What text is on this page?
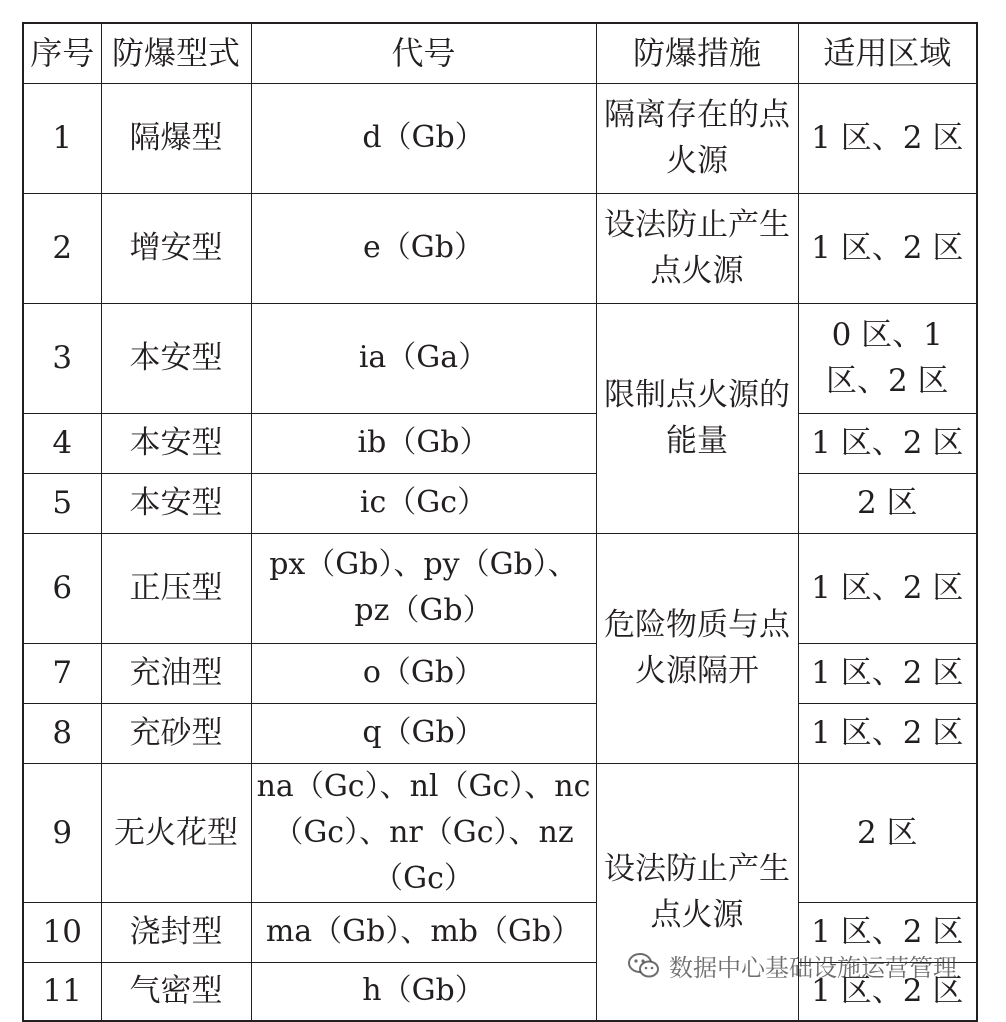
序号	防爆型式	代号	防爆措施	适用区域
1	隔爆型	d（Gb）	隔离存在的点火源	1 区、2 区
2	增安型	e（Gb）	设法防止产生点火源	1 区、2 区
3	本安型	ia（Ga）	限制点火源的能量	0 区、1 区、2 区
4	本安型	ib（Gb）		1 区、2 区
5	本安型	ic（Gc）		2 区
6	正压型	px（Gb）、py（Gb）、pz（Gb）	危险物质与点火源隔开	1 区、2 区
7	充油型	o（Gb）		1 区、2 区
8	充砂型	q（Gb）		1 区、2 区
9	无火花型	na（Gc）、nl（Gc）、nc（Gc）、nr（Gc）、nz（Gc）	设法防止产生点火源	2 区
10	浇封型	ma（Gb）、mb（Gb）		1 区、2 区
11	气密型	h（Gb）		1 区、2 区
数据中心基础设施运营管理
